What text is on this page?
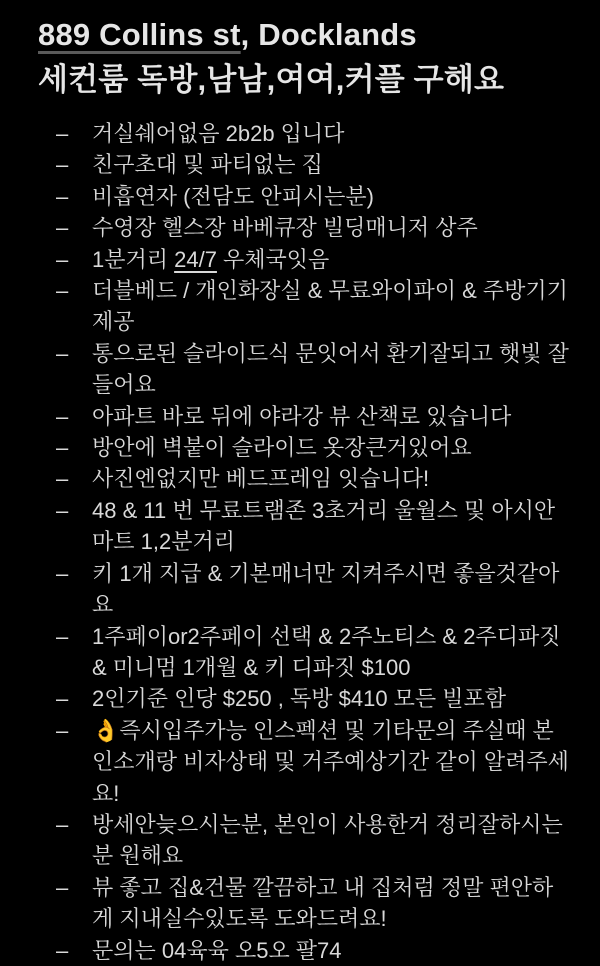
889 Collins st, Docklands
세컨룸 독방,남남,여여,커플 구해요
– 거실쉐어없음 2b2b 입니다
– 친구초대 및 파티없는 집
– 비흡연자 (전담도 안피시는분)
– 수영장 헬스장 바베큐장 빌딩매니저 상주
– 1분거리 24/7 우체국잇음
– 더블베드 / 개인화장실 & 무료와이파이 & 주방기기 제공
– 통으로된 슬라이드식 문잇어서 환기잘되고 햇빛 잘들어요
– 아파트 바로 뒤에 야라강 뷰 산책로 있습니다
– 방안에 벽붙이 슬라이드 옷장큰거있어요
– 사진엔없지만 베드프레임 잇습니다!
– 48 & 11 번 무료트램존 3초거리 울월스 및 아시안마트 1,2분거리
– 키 1개 지급 & 기본매너만 지켜주시면 좋을것같아요
– 1주페이or2주페이 선택 & 2주노티스 & 2주디파짓 & 미니멈 1개월 & 키 디파짓 $100
– 2인기준 인당 $250 , 독방 $410 모든 빌포함
– 👌즉시입주가능 인스펙션 및 기타문의 주실때 본인소개랑 비자상태 및 거주예상기간 같이 알려주세요!
– 방세안늦으시는분, 본인이 사용한거 정리잘하시는분 원해요
– 뷰 좋고 집&건물 깔끔하고 내 집처럼 정말 편안하게 지내실수있도록 도와드려요!
– 문의는 04육육 오5오 팔74
